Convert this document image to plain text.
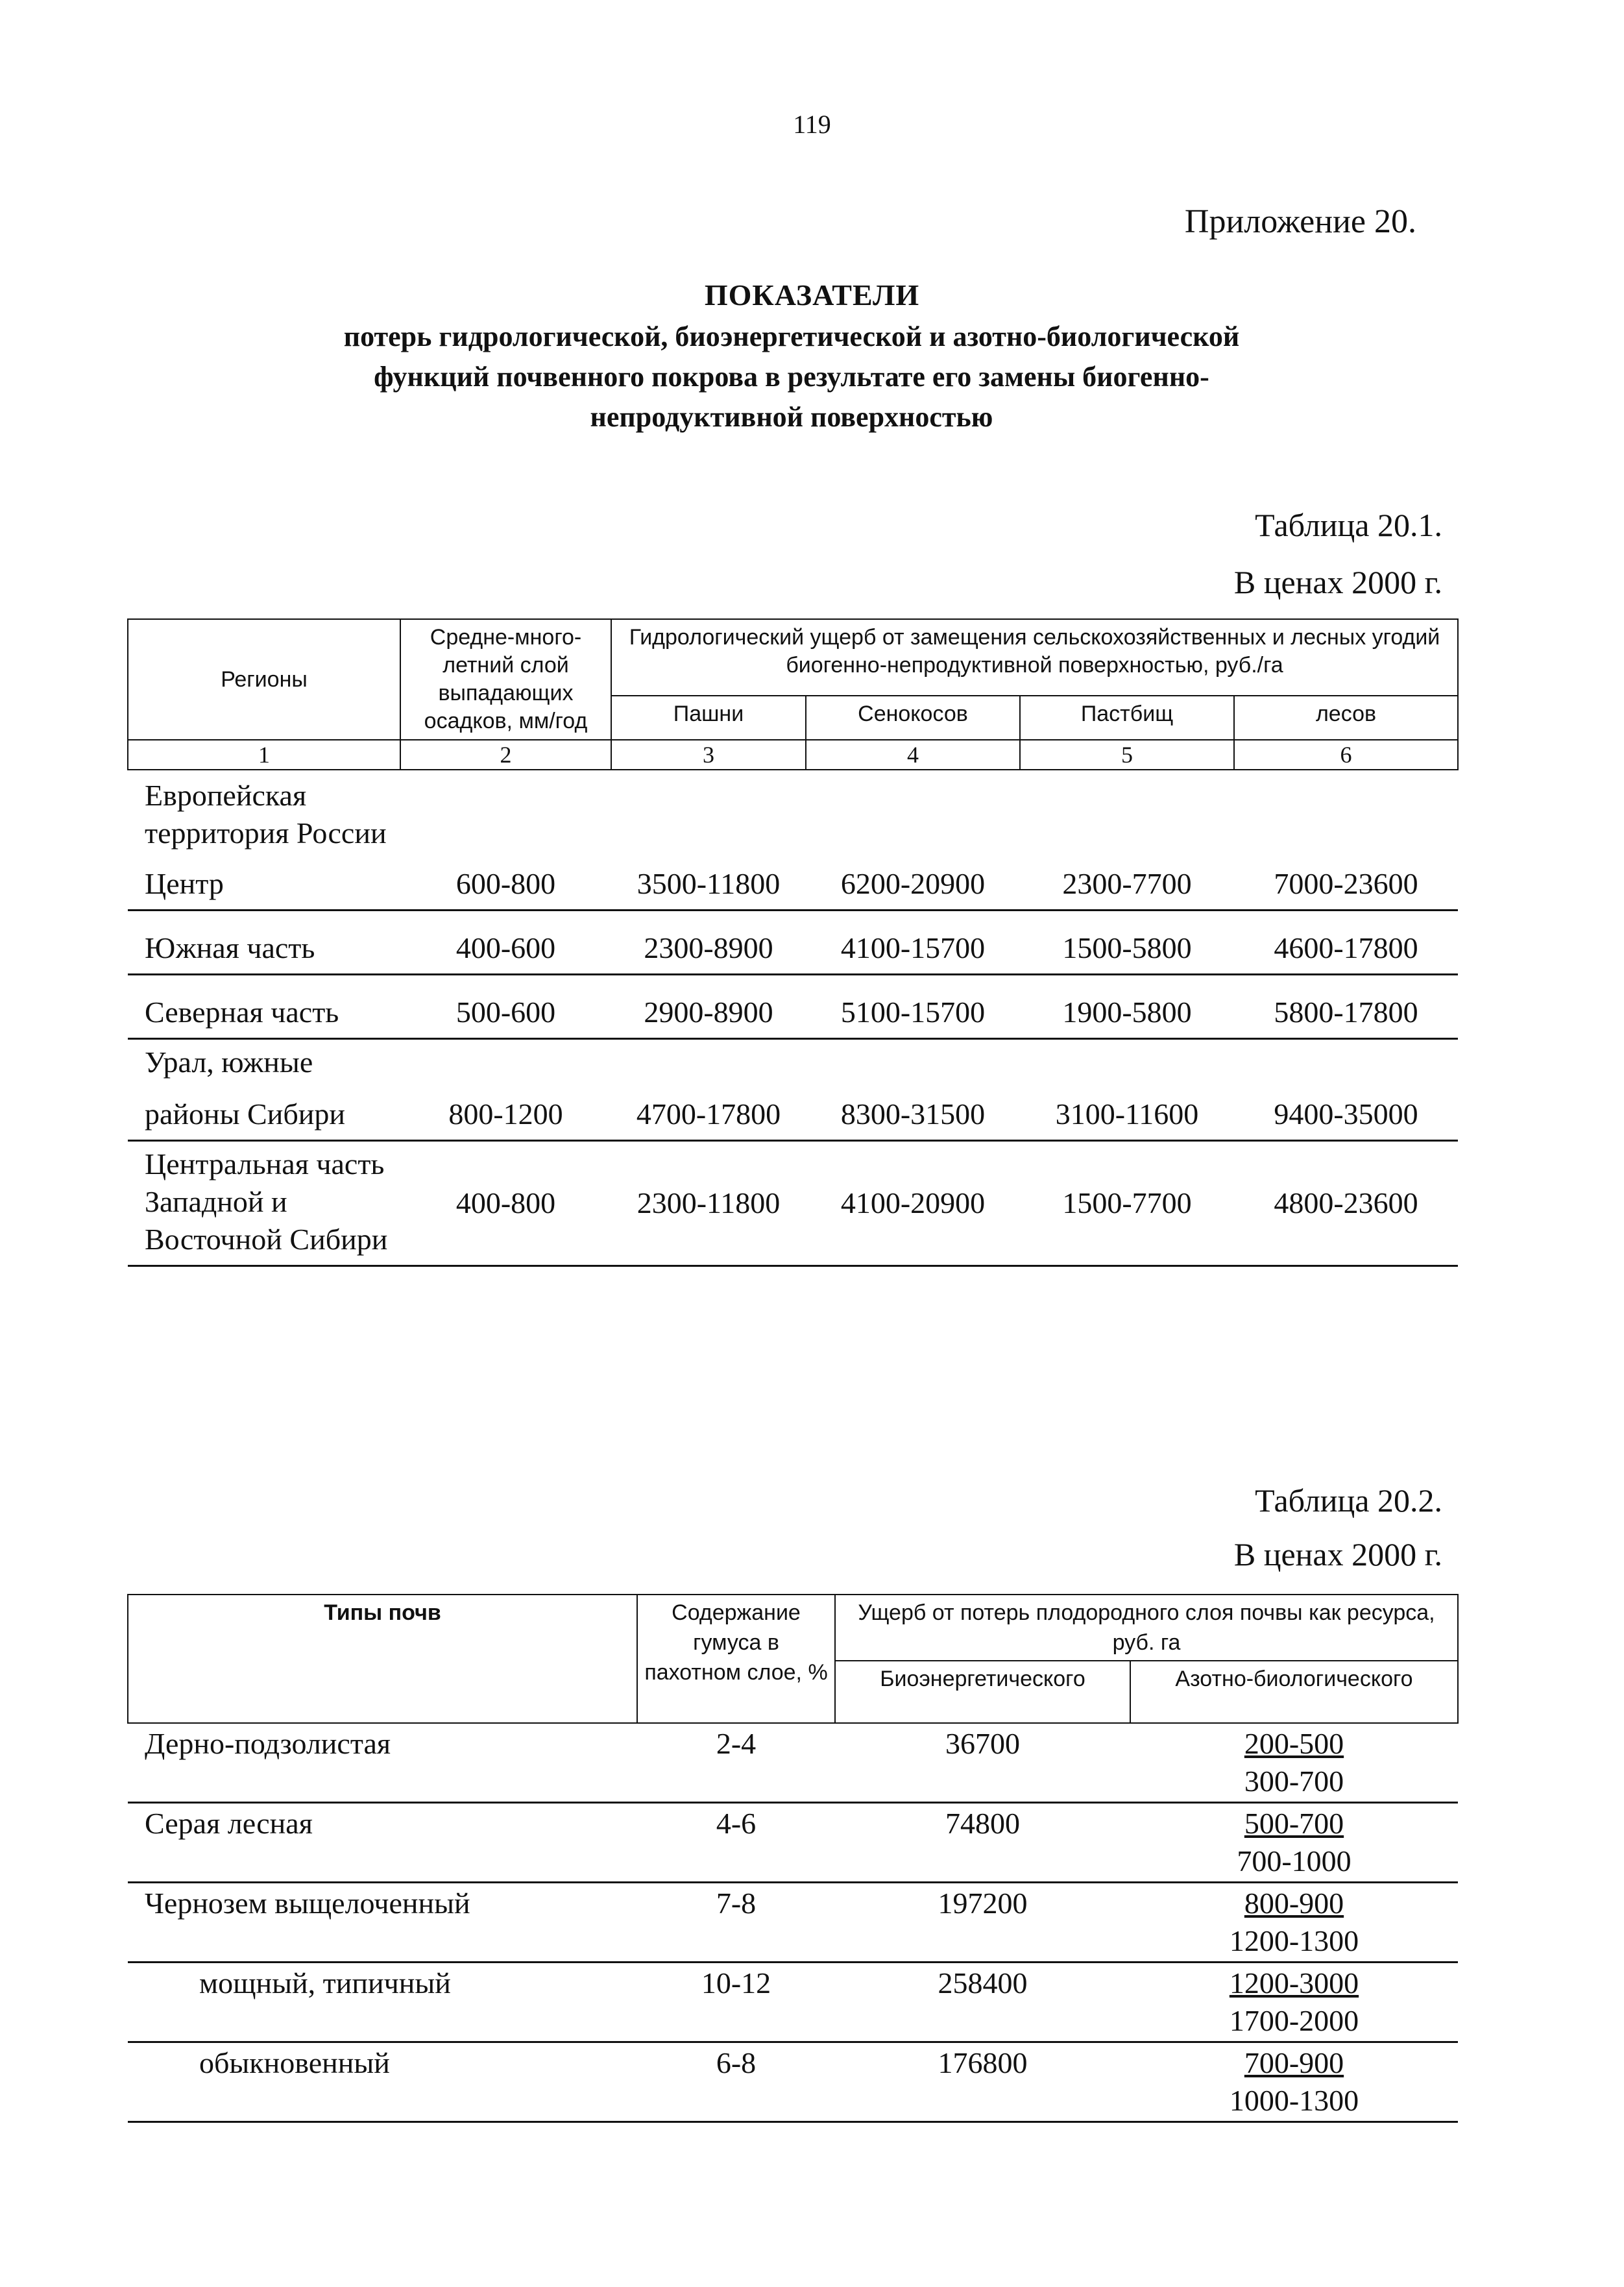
119
Приложение 20.
ПОКАЗАТЕЛИ
потерь гидрологической, биоэнергетической и азотно-биологической
функций почвенного покрова в результате его замены биогенно-
непродуктивной поверхностью
Таблица 20.1.
В ценах 2000 г.
Регионы	Средне-много-летний слой выпадающих осадков, мм/год	Гидрологический ущерб от замещения сельскохозяйственных и лесных угодий биогенно-непродуктивной поверхностью, руб./га			
		Пашни	Сенокосов	Пастбищ	лесов
1	2	3	4	5	6
Европейская территория России					
Центр	600-800	3500-11800	6200-20900	2300-7700	7000-23600
Южная часть	400-600	2300-8900	4100-15700	1500-5800	4600-17800
Северная часть	500-600	2900-8900	5100-15700	1900-5800	5800-17800

Урал, южные
районы Сибири	800-1200	4700-17800	8300-31500	3100-11600	9400-35000
Центральная часть Западной и Восточной Сибири	400-800	2300-11800	4100-20900	1500-7700	4800-23600
Таблица 20.2.
В ценах 2000 г.
Типы почв	Содержание гумуса в пахотном слое, %	Ущерб от потерь плодородного слоя почвы как ресурса, руб. га	
		Биоэнергетического	Азотно-биологического
Дерно-подзолистая	2-4	36700	200-500
300-700

Серая лесная	4-6	74800	500-700
700-1000

Чернозем выщелоченный	7-8	197200	800-900
1200-1300

мощный, типичный	10-12	258400	1200-3000
1700-2000

обыкновенный	6-8	176800	700-900
1000-1300
